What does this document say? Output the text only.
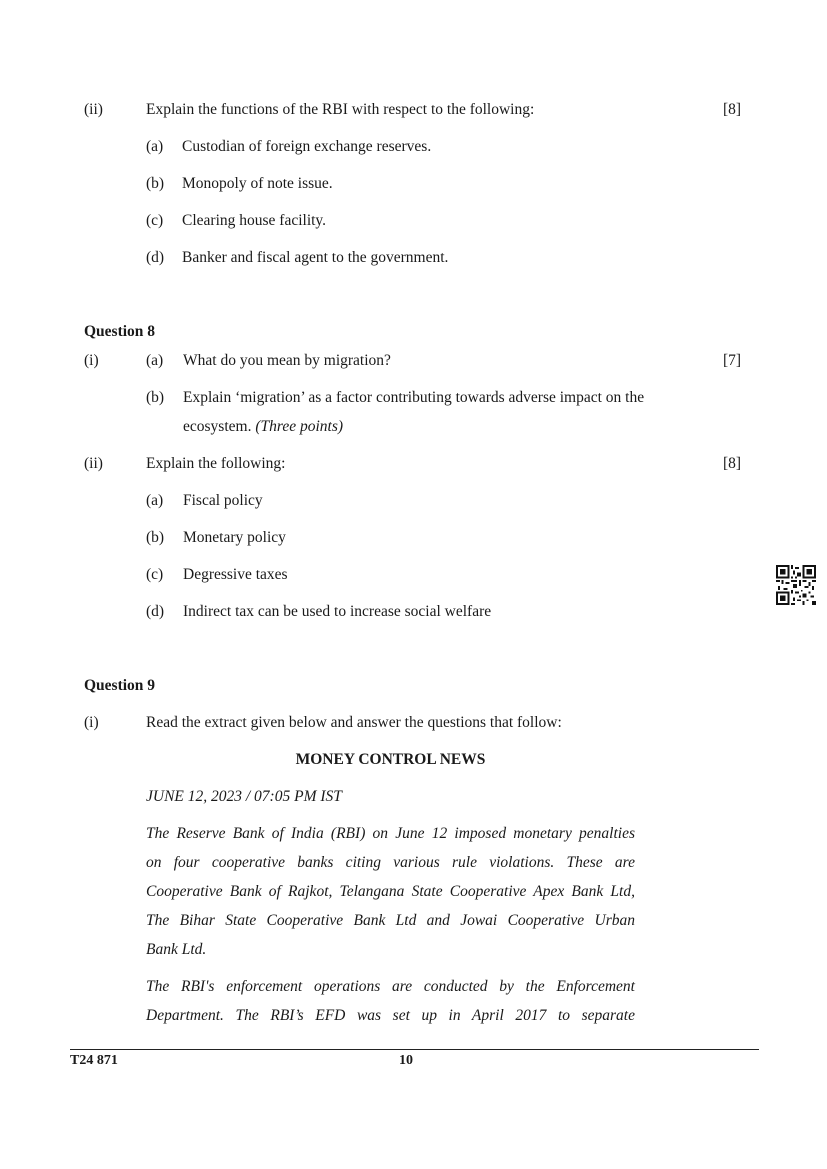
(ii)	Explain the functions of the RBI with respect to the following:	[8]
(a) Custodian of foreign exchange reserves.
(b) Monopoly of note issue.
(c) Clearing house facility.
(d) Banker and fiscal agent to the government.
Question 8
(i)	(a) What do you mean by migration?	[7]
(b) Explain ‘migration’ as a factor contributing towards adverse impact on the
ecosystem. (Three points)
(ii)	Explain the following:	[8]
(a) Fiscal policy
(b) Monetary policy
(c) Degressive taxes
(d) Indirect tax can be used to increase social welfare
Question 9
(i)	Read the extract given below and answer the questions that follow:
MONEY CONTROL NEWS
JUNE 12, 2023 / 07:05 PM IST
The Reserve Bank of India (RBI) on June 12 imposed monetary penalties
on four cooperative banks citing various rule violations. These are
Cooperative Bank of Rajkot, Telangana State Cooperative Apex Bank Ltd,
The Bihar State Cooperative Bank Ltd and Jowai Cooperative Urban
Bank Ltd.
The RBI's enforcement operations are conducted by the Enforcement
Department. The RBI’s EFD was set up in April 2017 to separate
T24 871	10
